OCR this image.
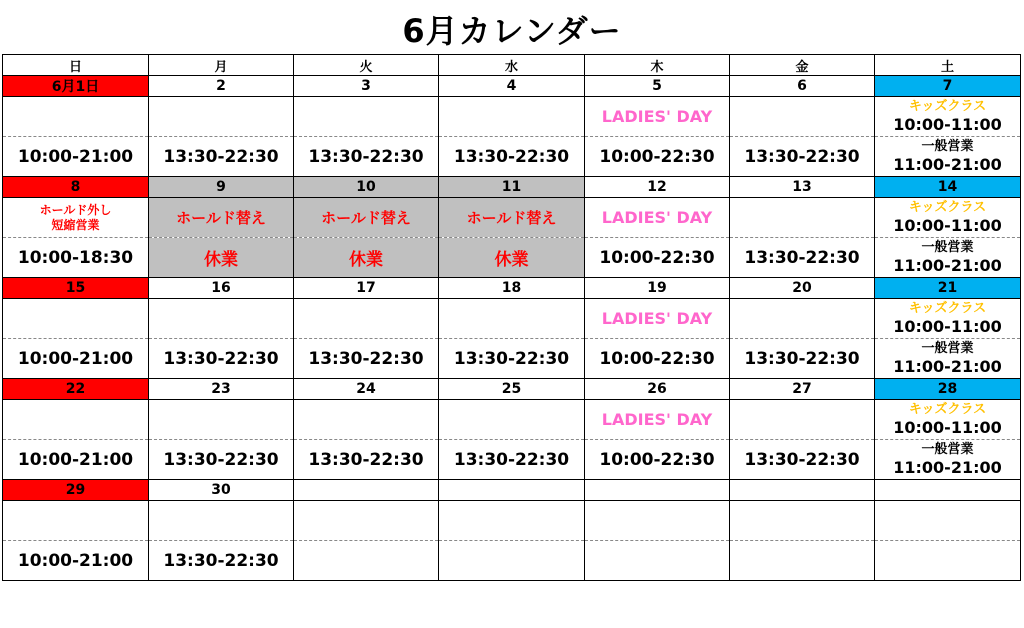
6月カレンダー
日	月	火	水	木	金	土
6月1日	2	3	4	5	6	7
				LADIES' DAY		キッズクラス
10:00-11:00

10:00-21:00	13:30-22:30	13:30-22:30	13:30-22:30	10:00-22:30	13:30-22:30	一般営業
11:00-21:00

8	9	10	11	12	13	14

ホールド外し
短縮営業	ホールド替え	ホールド替え	ホールド替え	LADIES' DAY		キッズクラス
10:00-11:00

10:00-18:30	休業	休業	休業	10:00-22:30	13:30-22:30	一般営業
11:00-21:00

15	16	17	18	19	20	21
				LADIES' DAY		キッズクラス
10:00-11:00

10:00-21:00	13:30-22:30	13:30-22:30	13:30-22:30	10:00-22:30	13:30-22:30	一般営業
11:00-21:00

22	23	24	25	26	27	28
				LADIES' DAY		キッズクラス
10:00-11:00

10:00-21:00	13:30-22:30	13:30-22:30	13:30-22:30	10:00-22:30	13:30-22:30	一般営業
11:00-21:00

29	30					

10:00-21:00	13:30-22:30					
